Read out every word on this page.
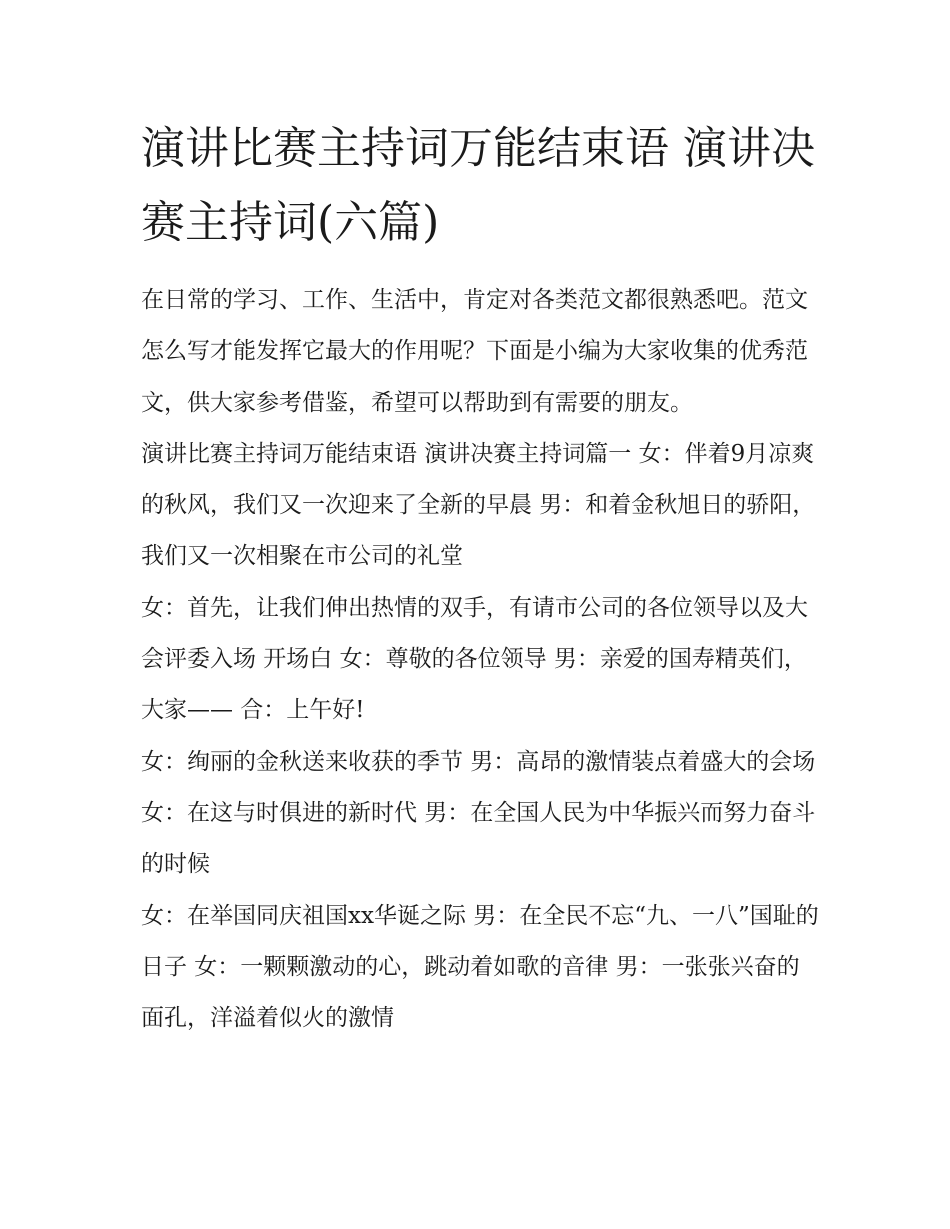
演讲比赛主持词万能结束语 演讲决赛主持词(六篇)

在日常的学习、工作、生活中，肯定对各类范文都很熟悉吧。范文怎么写才能发挥它最大的作用呢？下面是小编为大家收集的优秀范文，供大家参考借鉴，希望可以帮助到有需要的朋友。

演讲比赛主持词万能结束语 演讲决赛主持词篇一 女：伴着9月凉爽的秋风，我们又一次迎来了全新的早晨 男：和着金秋旭日的骄阳，我们又一次相聚在市公司的礼堂

女：首先，让我们伸出热情的双手，有请市公司的各位领导以及大会评委入场 开场白 女：尊敬的各位领导 男：亲爱的国寿精英们，大家—— 合：上午好!

女：绚丽的金秋送来收获的季节 男：高昂的激情装点着盛大的会场 女：在这与时俱进的新时代 男：在全国人民为中华振兴而努力奋斗的时候

女：在举国同庆祖国xx华诞之际 男：在全民不忘“九、一八”国耻的日子 女：一颗颗激动的心，跳动着如歌的音律 男：一张张兴奋的面孔，洋溢着似火的激情
